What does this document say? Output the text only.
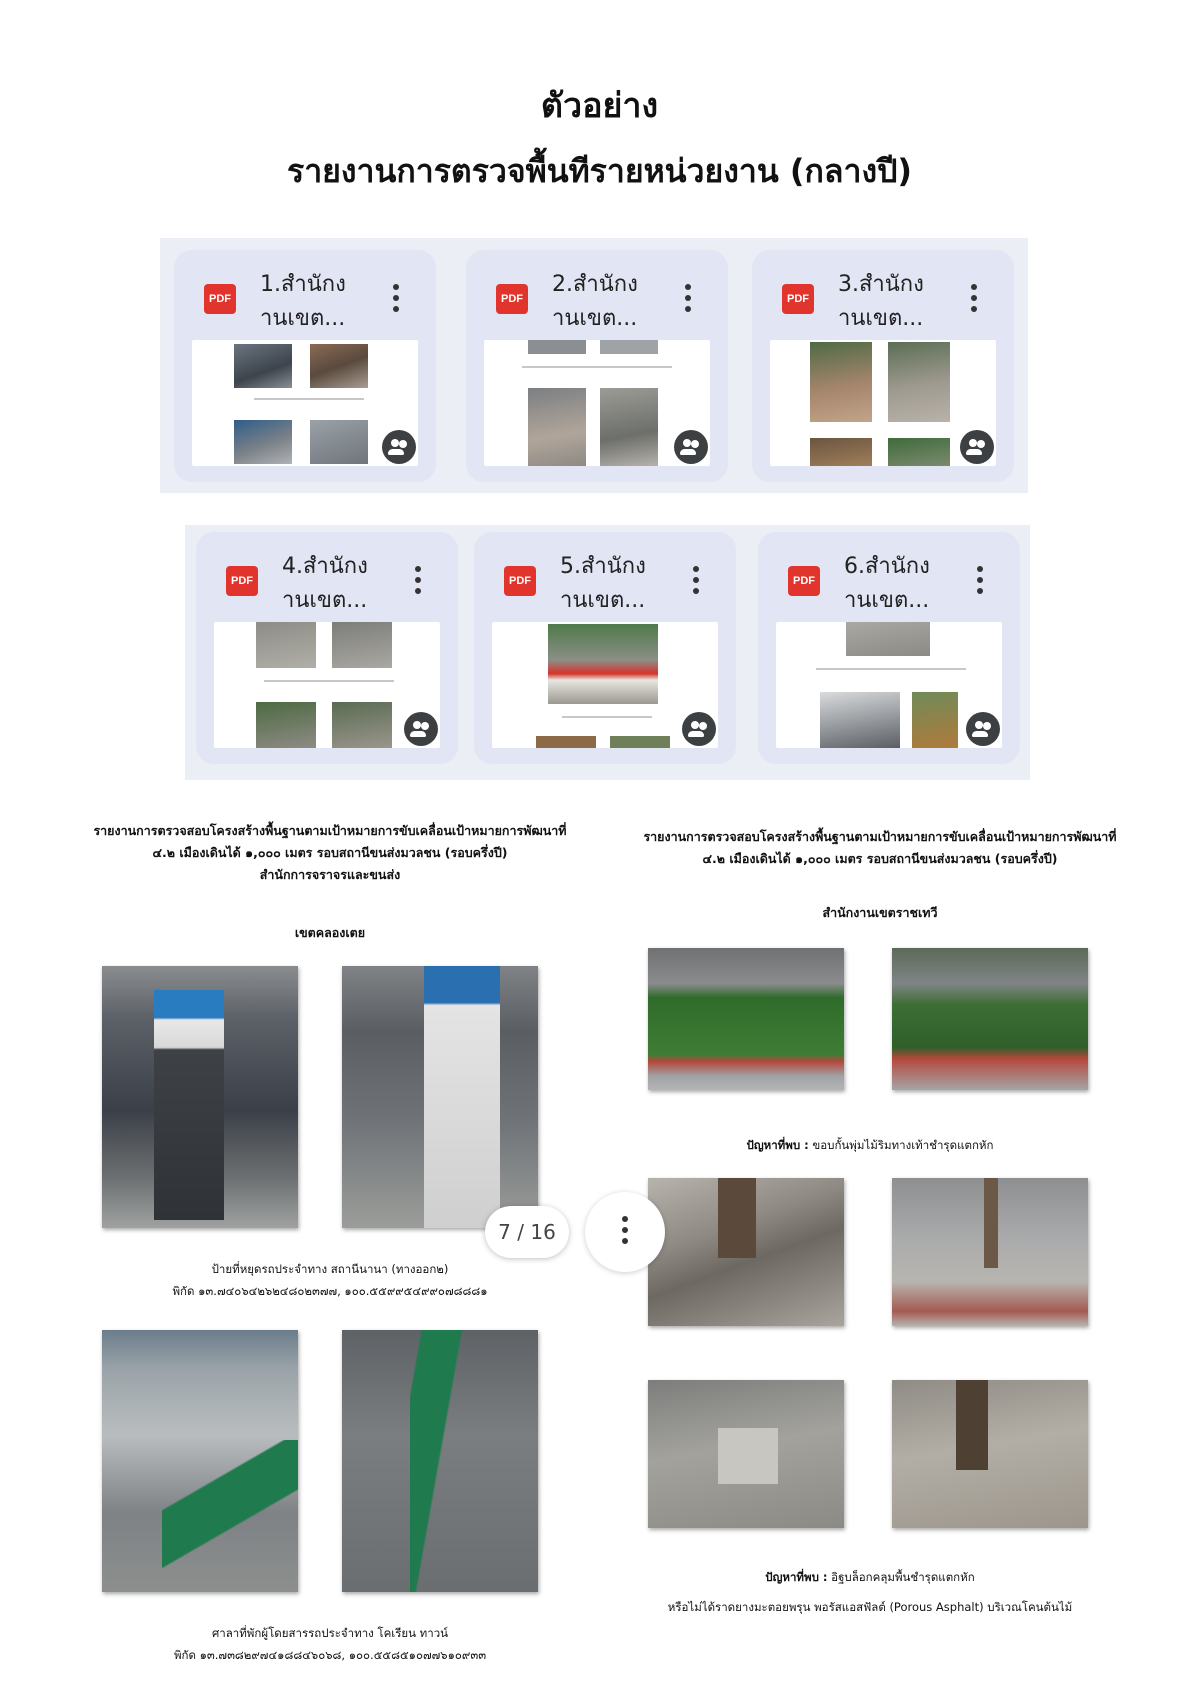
ตัวอย่าง
รายงานการตรวจพื้นทีรายหน่วยงาน (กลางปี)
PDF
1.สำนักง
านเขต...
PDF
2.สำนักง
านเขต...
PDF
3.สำนักง
านเขต...
PDF
4.สำนักง
านเขต...
PDF
5.สำนักง
านเขต...
PDF
6.สำนักง
านเขต...
รายงานการตรวจสอบโครงสร้างพื้นฐานตามเป้าหมายการขับเคลื่อนเป้าหมายการพัฒนาที่
๔.๒ เมืองเดินได้ ๑,๐๐๐ เมตร รอบสถานีขนส่งมวลชน (รอบครึ่งปี)
สำนักการจราจรและขนส่ง
เขตคลองเตย
ป้ายที่หยุดรถประจำทาง สถานีนานา (ทางออก๒)
พิกัด ๑๓.๗๔๐๖๔๒๖๒๔๘๐๒๓๗๗, ๑๐๐.๕๕๙๙๕๔๙๙๐๗๘๘๘๑
ศาลาที่พักผู้โดยสารรถประจำทาง โคเรียน ทาวน์
พิกัด ๑๓.๗๓๘๒๙๗๔๑๘๘๔๖๐๖๘, ๑๐๐.๕๕๘๕๑๐๗๗๖๑๐๙๓๓
รายงานการตรวจสอบโครงสร้างพื้นฐานตามเป้าหมายการขับเคลื่อนเป้าหมายการพัฒนาที่
๔.๒ เมืองเดินได้ ๑,๐๐๐ เมตร รอบสถานีขนส่งมวลชน (รอบครึ่งปี)
สำนักงานเขตราชเทวี
ปัญหาที่พบ : ขอบกั้นพุ่มไม้ริมทางเท้าชำรุดแตกหัก
ปัญหาที่พบ : อิฐบล็อกคลุมพื้นชำรุดแตกหัก
หรือไม่ได้ราดยางมะตอยพรุน พอรัสแอสฟัลต์ (Porous Asphalt) บริเวณโคนต้นไม้
7 / 16
